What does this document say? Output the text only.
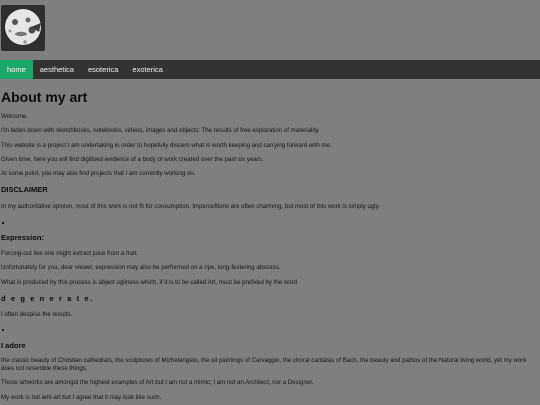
home	aesthetica	esoterica	exoterica
About my art

Welcome.

I'm laden down with sketchbooks, notebooks, videos, images and objects: The results of free exploration of materiality.

This website is a project I am undertaking in order to hopefully discern what is worth keeping and carrying forward with me.

Given time, here you will find digitised evidence of a body of work created over the past six years.

At some point, you may also find projects that I am currently working on.

DISCLAIMER

In my authoritative opinion, most of this work is not fit for consumption. Imperceftions are often charming, but most of this work is simply ugly.

Expression:

Forcing-out like one might extract juice from a fruit.

Unfortunately for you, dear viewer, expression may also be performed on a ripe, long-festering abscess.

What is produced by this process is abject ugliness which, if it is to be called Art, must be prefixed by the word

d e g e n e r a t e.

I often despise the results.

I adore

the classic beauty of Christian cathedrals, the sculptures of Michelangelo, the oil paintings of Carvaggio, the choral cantatas of Bach, the beauty and pathos of the Natural living world, yet my work does not resemble these things.

Those artworks are amongst the highest examples of Art but I am not a mimic; I am not an Architect, nor a Designer.

My work is not anti-art but I agree that it may look like such.
